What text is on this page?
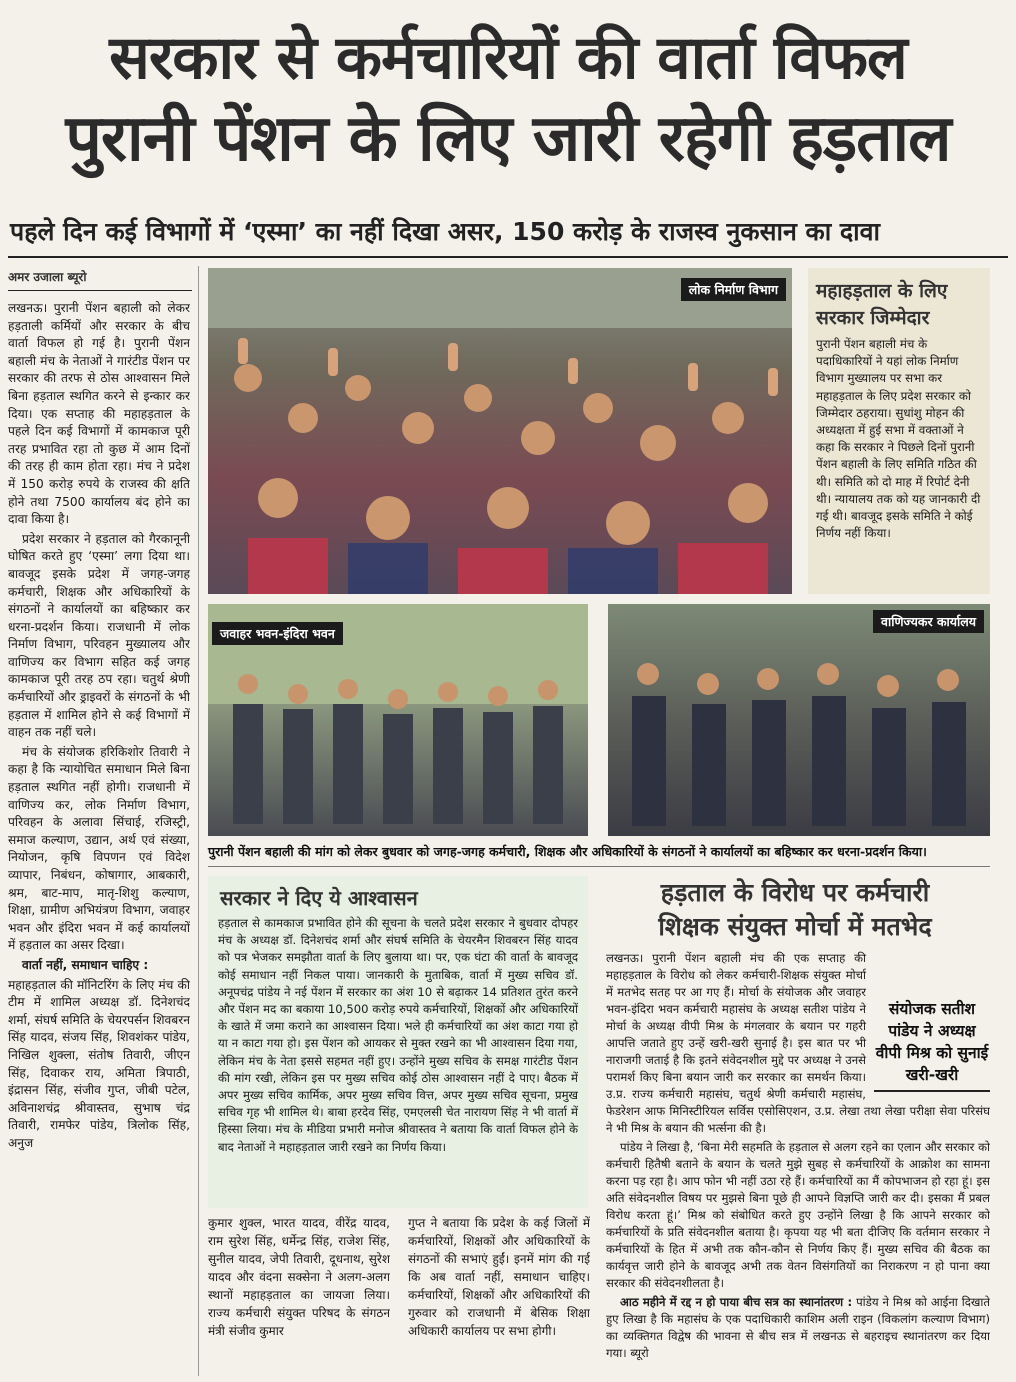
सरकार से कर्मचारियों की वार्ता विफल
पुरानी पेंशन के लिए जारी रहेगी हड़ताल
पहले दिन कई विभागों में ‘एस्मा’ का नहीं दिखा असर, 150 करोड़ के राजस्व नुकसान का दावा
अमर उजाला ब्यूरो

लखनऊ। पुरानी पेंशन बहाली को लेकर हड़ताली कर्मियों और सरकार के बीच वार्ता विफल हो गई है। पुरानी पेंशन बहाली मंच के नेताओं ने गारंटीड पेंशन पर सरकार की तरफ से ठोस आश्वासन मिले बिना हड़ताल स्थगित करने से इन्कार कर दिया। एक सप्ताह की महाहड़ताल के पहले दिन कई विभागों में कामकाज पूरी तरह प्रभावित रहा तो कुछ में आम दिनों की तरह ही काम होता रहा। मंच ने प्रदेश में 150 करोड़ रुपये के राजस्व की क्षति होने तथा 7500 कार्यालय बंद होने का दावा किया है।

प्रदेश सरकार ने हड़ताल को गैरकानूनी घोषित करते हुए ‘एस्मा’ लगा दिया था। बावजूद इसके प्रदेश में जगह-जगह कर्मचारी, शिक्षक और अधिकारियों के संगठनों ने कार्यालयों का बहिष्कार कर धरना-प्रदर्शन किया। राजधानी में लोक निर्माण विभाग, परिवहन मुख्यालय और वाणिज्य कर विभाग सहित कई जगह कामकाज पूरी तरह ठप रहा। चतुर्थ श्रेणी कर्मचारियों और ड्राइवरों के संगठनों के भी हड़ताल में शामिल होने से कई विभागों में वाहन तक नहीं चले।

मंच के संयोजक हरिकिशोर तिवारी ने कहा है कि न्यायोचित समाधान मिले बिना हड़ताल स्थगित नहीं होगी। राजधानी में वाणिज्य कर, लोक निर्माण विभाग, परिवहन के अलावा सिंचाई, रजिस्ट्री, समाज कल्याण, उद्यान, अर्थ एवं संख्या, नियोजन, कृषि विपणन एवं विदेश व्यापार, निबंधन, कोषागार, आबकारी, श्रम, बाट-माप, मातृ-शिशु कल्याण, शिक्षा, ग्रामीण अभियंत्रण विभाग, जवाहर भवन और इंदिरा भवन में कई कार्यालयों में हड़ताल का असर दिखा।

वार्ता नहीं, समाधान चाहिए :

महाहड़ताल की मॉनिटरिंग के लिए मंच की टीम में शामिल अध्यक्ष डॉ. दिनेशचंद शर्मा, संघर्ष समिति के चेयरपर्सन शिवबरन सिंह यादव, संजय सिंह, शिवशंकर पांडेय, निखिल शुक्ला, संतोष तिवारी, जीएन सिंह, दिवाकर राय, अमिता त्रिपाठी, इंद्रासन सिंह, संजीव गुप्त, जीबी पटेल, अविनाशचंद्र श्रीवास्तव, सुभाष चंद्र तिवारी, रामफेर पांडेय, त्रिलोक सिंह, अनुज

लोक निर्माण विभाग	महाहड़ताल के लिए
सरकार जिम्मेदार
पुरानी पेंशन बहाली मंच के पदाधिकारियों ने यहां लोक निर्माण विभाग मुख्यालय पर सभा कर महाहड़ताल के लिए प्रदेश सरकार को जिम्मेदार ठहराया। सुधांशु मोहन की अध्यक्षता में हुई सभा में वक्ताओं ने कहा कि सरकार ने पिछले दिनों पुरानी पेंशन बहाली के लिए समिति गठित की थी। समिति को दो माह में रिपोर्ट देनी थी। न्यायालय तक को यह जानकारी दी गई थी। बावजूद इसके समिति ने कोई निर्णय नहीं किया।
जवाहर भवन-इंदिरा भवन
वाणिज्यकर कार्यालय
पुरानी पेंशन बहाली की मांग को लेकर बुधवार को जगह-जगह कर्मचारी, शिक्षक और अधिकारियों के संगठनों ने कार्यालयों का बहिष्कार कर धरना-प्रदर्शन किया।
सरकार ने दिए ये आश्वासन
हड़ताल से कामकाज प्रभावित होने की सूचना के चलते प्रदेश सरकार ने बुधवार दोपहर मंच के अध्यक्ष डॉ. दिनेशचंद शर्मा और संघर्ष समिति के चेयरमैन शिवबरन सिंह यादव को पत्र भेजकर समझौता वार्ता के लिए बुलाया था। पर, एक घंटा की वार्ता के बावजूद कोई समाधान नहीं निकल पाया। जानकारी के मुताबिक, वार्ता में मुख्य सचिव डॉ. अनूपचंद्र पांडेय ने नई पेंशन में सरकार का अंश 10 से बढ़ाकर 14 प्रतिशत तुरंत करने और पेंशन मद का बकाया 10,500 करोड़ रुपये कर्मचारियों, शिक्षकों और अधिकारियों के खाते में जमा कराने का आश्वासन दिया। भले ही कर्मचारियों का अंश काटा गया हो या न काटा गया हो। इस पेंशन को आयकर से मुक्त रखने का भी आश्वासन दिया गया, लेकिन मंच के नेता इससे सहमत नहीं हुए। उन्होंने मुख्य सचिव के समक्ष गारंटीड पेंशन की मांग रखी, लेकिन इस पर मुख्य सचिव कोई ठोस आश्वासन नहीं दे पाए। बैठक में अपर मुख्य सचिव कार्मिक, अपर मुख्य सचिव वित्त, अपर मुख्य सचिव सूचना, प्रमुख सचिव गृह भी शामिल थे। बाबा हरदेव सिंह, एमएलसी चेत नारायण सिंह ने भी वार्ता में हिस्सा लिया। मंच के मीडिया प्रभारी मनोज श्रीवास्तव ने बताया कि वार्ता विफल होने के बाद नेताओं ने महाहड़ताल जारी रखने का निर्णय किया।
कुमार शुक्ल, भारत यादव, वीरेंद्र यादव, राम सुरेश सिंह, धर्मेन्द्र सिंह, राजेश सिंह, सुनील यादव, जेपी तिवारी, दूधनाथ, सुरेश यादव और वंदना सक्सेना ने अलग-अलग स्थानों महाहड़ताल का जायजा लिया। राज्य कर्मचारी संयुक्त परिषद के संगठन मंत्री संजीव कुमार
गुप्त ने बताया कि प्रदेश के कई जिलों में कर्मचारियों, शिक्षकों और अधिकारियों के संगठनों की सभाएं हुईं। इनमें मांग की गई कि अब वार्ता नहीं, समाधान चाहिए। कर्मचारियों, शिक्षकों और अधिकारियों की गुरुवार को राजधानी में बेसिक शिक्षा अधिकारी कार्यालय पर सभा होगी।
हड़ताल के विरोध पर कर्मचारी
शिक्षक संयुक्त मोर्चा में मतभेद
संयोजक सतीश पांडेय ने अध्यक्ष वीपी मिश्र को सुनाई खरी-खरी

लखनऊ। पुरानी पेंशन बहाली मंच की एक सप्ताह की महाहड़ताल के विरोध को लेकर कर्मचारी-शिक्षक संयुक्त मोर्चा में मतभेद सतह पर आ गए हैं। मोर्चा के संयोजक और जवाहर भवन-इंदिरा भवन कर्मचारी महासंघ के अध्यक्ष सतीश पांडेय ने मोर्चा के अध्यक्ष वीपी मिश्र के मंगलवार के बयान पर गहरी आपत्ति जताते हुए उन्हें खरी-खरी सुनाई है। इस बात पर भी नाराजगी जताई है कि इतने संवेदनशील मुद्दे पर अध्यक्ष ने उनसे परामर्श किए बिना बयान जारी कर सरकार का समर्थन किया। उ.प्र. राज्य कर्मचारी महासंघ, चतुर्थ श्रेणी कर्मचारी महासंघ, फेडरेशन आफ मिनिस्टीरियल सर्विस एसोसिएशन, उ.प्र. लेखा तथा लेखा परीक्षा सेवा परिसंघ ने भी मिश्र के बयान की भर्त्सना की है।

पांडेय ने लिखा है, ‘बिना मेरी सहमति के हड़ताल से अलग रहने का एलान और सरकार को कर्मचारी हितैषी बताने के बयान के चलते मुझे सुबह से कर्मचारियों के आक्रोश का सामना करना पड़ रहा है। आप फोन भी नहीं उठा रहे हैं। कर्मचारियों का मैं कोपभाजन हो रहा हूं। इस अति संवेदनशील विषय पर मुझसे बिना पूछे ही आपने विज्ञप्ति जारी कर दी। इसका मैं प्रबल विरोध करता हूं।’ मिश्र को संबोधित करते हुए उन्होंने लिखा है कि आपने सरकार को कर्मचारियों के प्रति संवेदनशील बताया है। कृपया यह भी बता दीजिए कि वर्तमान सरकार ने कर्मचारियों के हित में अभी तक कौन-कौन से निर्णय किए हैं। मुख्य सचिव की बैठक का कार्यवृत्त जारी होने के बावजूद अभी तक वेतन विसंगतियों का निराकरण न हो पाना क्या सरकार की संवेदनशीलता है।

आठ महीने में रद्द न हो पाया बीच सत्र का स्थानांतरण : पांडेय ने मिश्र को आईना दिखाते हुए लिखा है कि महासंघ के एक पदाधिकारी काशिम अली राइन (विकलांग कल्याण विभाग) का व्यक्तिगत विद्वेष की भावना से बीच सत्र में लखनऊ से बहराइच स्थानांतरण कर दिया गया। ब्यूरो
